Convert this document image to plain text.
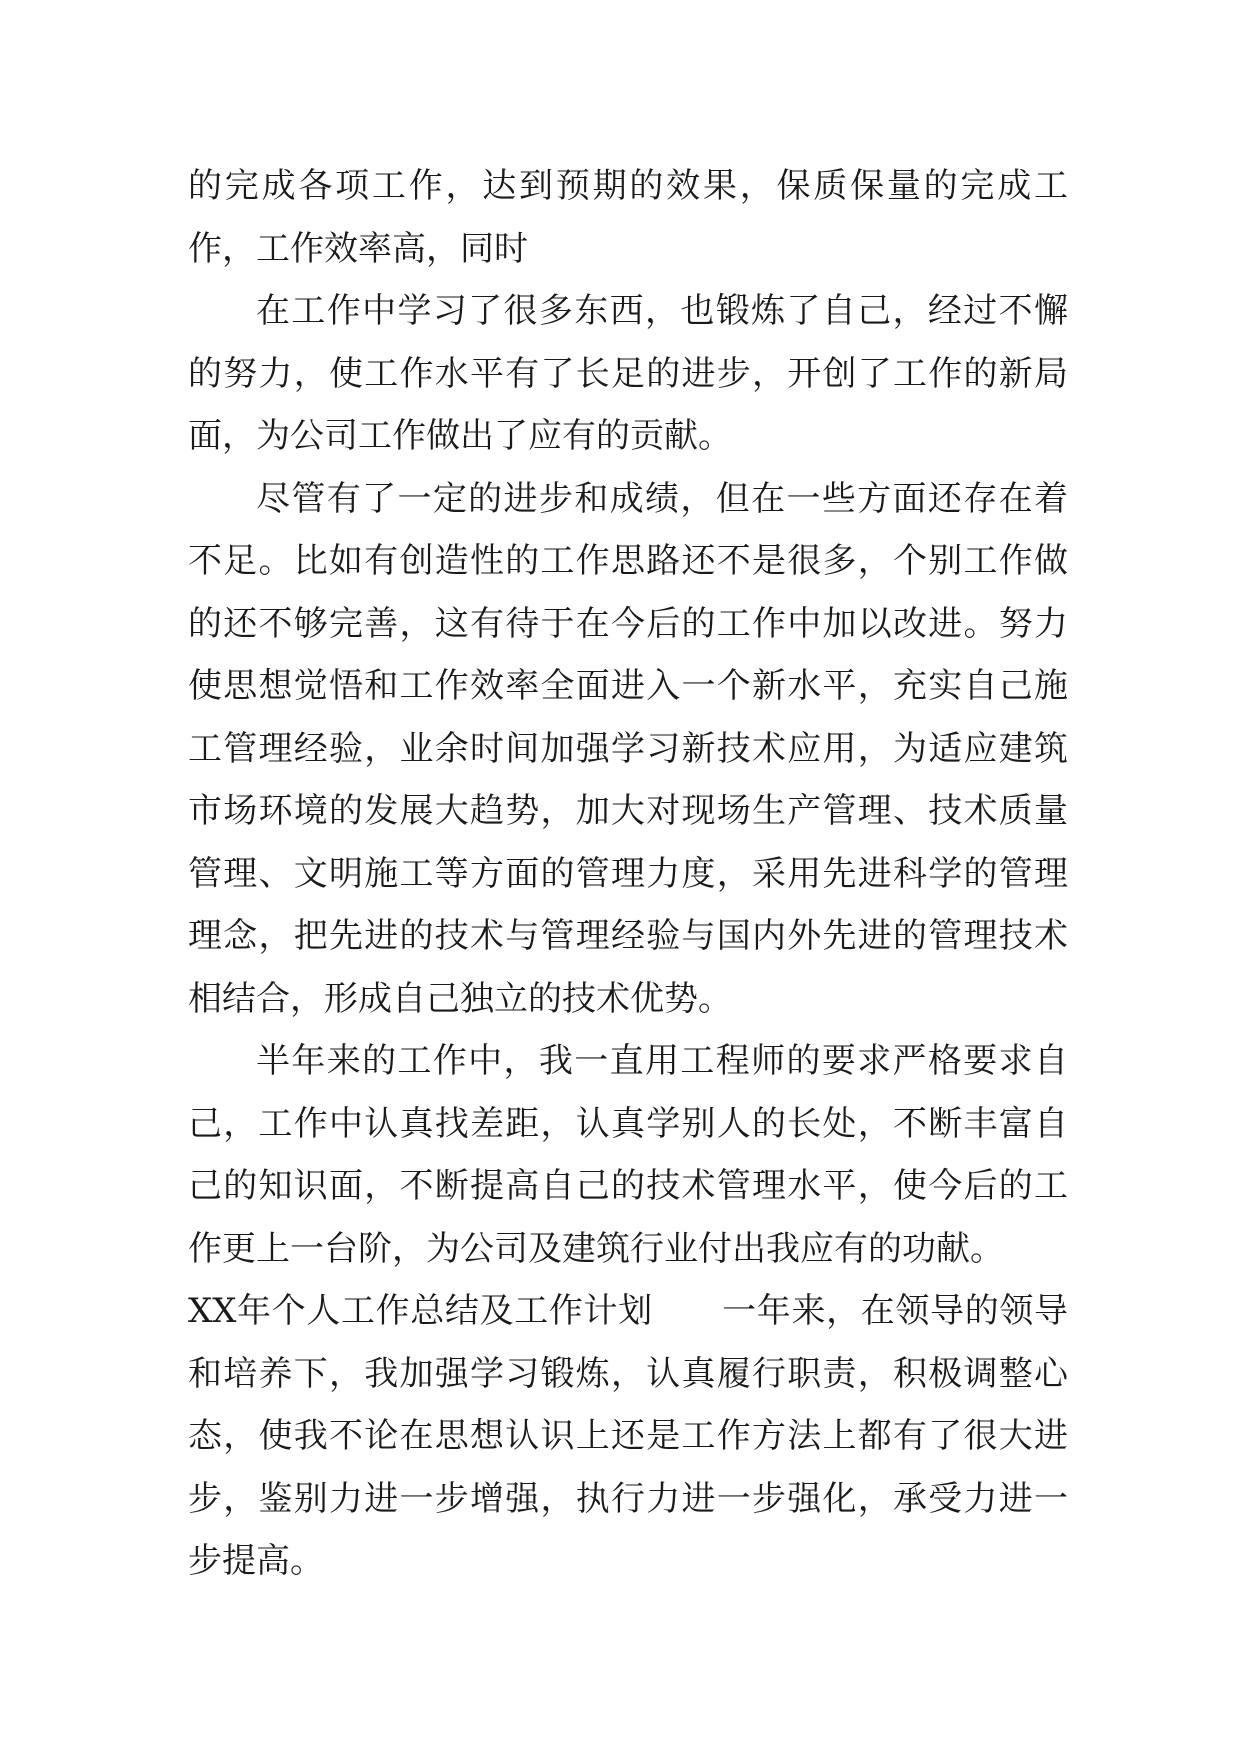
的完成各项工作，达到预期的效果，保质保量的完成工作，工作效率高，同时

在工作中学习了很多东西，也锻炼了自己，经过不懈的努力，使工作水平有了长足的进步，开创了工作的新局面，为公司工作做出了应有的贡献。

尽管有了一定的进步和成绩，但在一些方面还存在着不足。比如有创造性的工作思路还不是很多，个别工作做的还不够完善，这有待于在今后的工作中加以改进。努力使思想觉悟和工作效率全面进入一个新水平，充实自己施工管理经验，业余时间加强学习新技术应用，为适应建筑市场环境的发展大趋势，加大对现场生产管理、技术质量管理、文明施工等方面的管理力度，采用先进科学的管理理念，把先进的技术与管理经验与国内外先进的管理技术相结合，形成自己独立的技术优势。

半年来的工作中，我一直用工程师的要求严格要求自己，工作中认真找差距，认真学别人的长处，不断丰富自己的知识面，不断提高自己的技术管理水平，使今后的工作更上一台阶，为公司及建筑行业付出我应有的功献。

XX年个人工作总结及工作计划　　一年来，在领导的领导和培养下，我加强学习锻炼，认真履行职责，积极调整心态，使我不论在思想认识上还是工作方法上都有了很大进步，鉴别力进一步增强，执行力进一步强化，承受力进一步提高。
